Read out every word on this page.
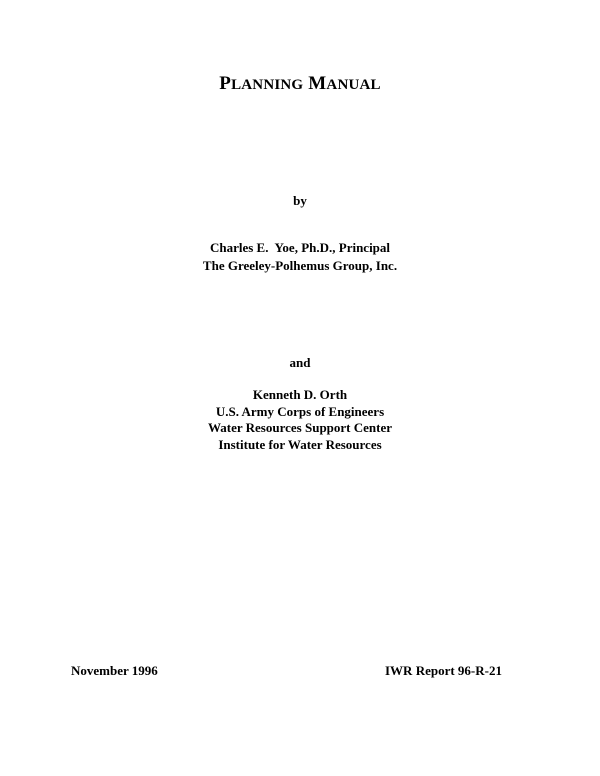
PLANNING MANUAL
by
Charles E.  Yoe, Ph.D., Principal
The Greeley-Polhemus Group, Inc.
and
Kenneth D. Orth
U.S. Army Corps of Engineers
Water Resources Support Center
Institute for Water Resources
November 1996	IWR Report 96-R-21
